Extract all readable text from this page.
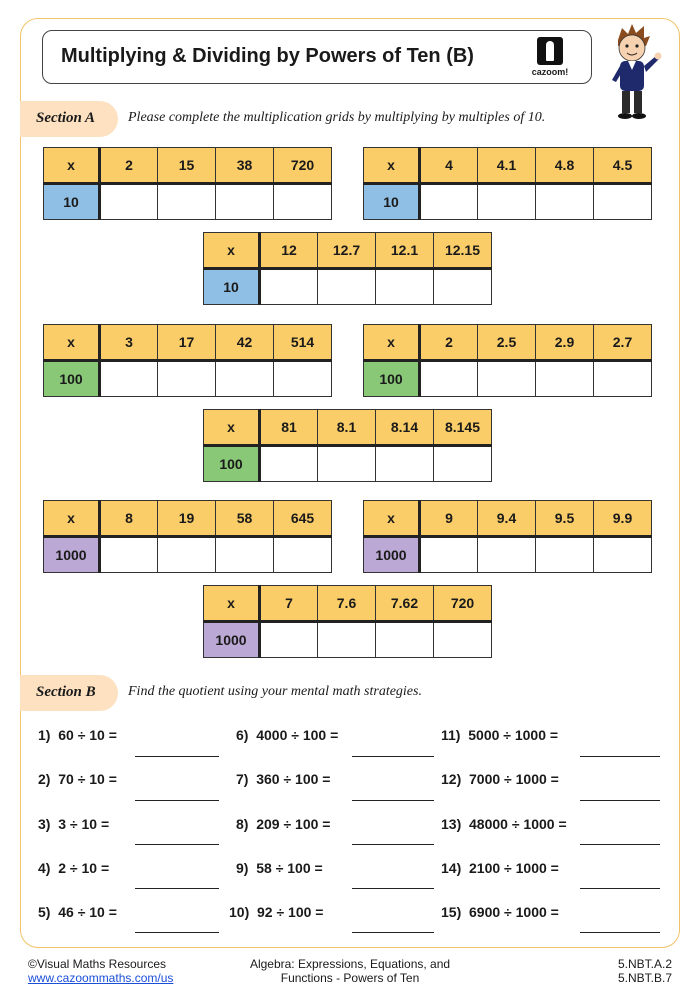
Multiplying & Dividing by Powers of Ten (B)
cazoom!
Section A Please complete the multiplication grids by multiplying by multiples of 10.
x	2	15	38	720
10				
x	4	4.1	4.8	4.5
10				
x	12	12.7	12.1	12.15
10				
x	3	17	42	514
100				
x	2	2.5	2.9	2.7
100				
x	81	8.1	8.14	8.145
100				
x	8	19	58	645
1000				
x	9	9.4	9.5	9.9
1000				
x	7	7.6	7.62	720
1000				
Section B Find the quotient using your mental math strategies.
1) 60 ÷ 10 =
2) 70 ÷ 10 =
3) 3 ÷ 10 =
4) 2 ÷ 10 =
5) 46 ÷ 10 =
6) 4000 ÷ 100 =
7) 360 ÷ 100 =
8) 209 ÷ 100 =
9) 58 ÷ 100 =
10) 92 ÷ 100 =
11) 5000 ÷ 1000 =
12) 7000 ÷ 1000 =
13) 48000 ÷ 1000 =
14) 2100 ÷ 1000 =
15) 6900 ÷ 1000 =
©Visual Maths Resources
www.cazoommaths.com/us
Algebra: Expressions, Equations, and
Functions - Powers of Ten
5.NBT.A.2
5.NBT.B.7
